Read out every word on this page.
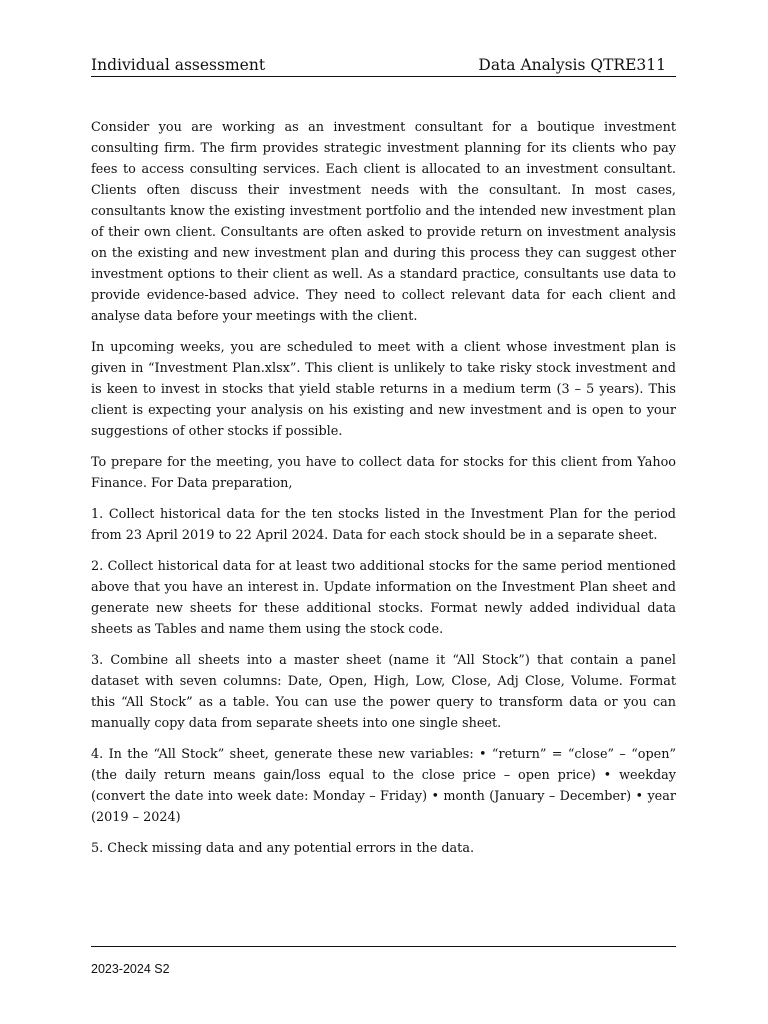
Individual assessment	Data Analysis QTRE311

Consider you are working as an investment consultant for a boutique investment consulting firm. The firm provides strategic investment planning for its clients who pay fees to access consulting services. Each client is allocated to an investment consultant. Clients often discuss their investment needs with the consultant. In most cases, consultants know the existing investment portfolio and the intended new investment plan of their own client. Consultants are often asked to provide return on investment analysis on the existing and new investment plan and during this process they can suggest other investment options to their client as well. As a standard practice, consultants use data to provide evidence-based advice. They need to collect relevant data for each client and analyse data before your meetings with the client.

In upcoming weeks, you are scheduled to meet with a client whose investment plan is given in “Investment Plan.xlsx”. This client is unlikely to take risky stock investment and is keen to invest in stocks that yield stable returns in a medium term (3 – 5 years). This client is expecting your analysis on his existing and new investment and is open to your suggestions of other stocks if possible.

To prepare for the meeting, you have to collect data for stocks for this client from Yahoo Finance. For Data preparation,

1. Collect historical data for the ten stocks listed in the Investment Plan for the period from 23 April 2019 to 22 April 2024. Data for each stock should be in a separate sheet.

2. Collect historical data for at least two additional stocks for the same period mentioned above that you have an interest in. Update information on the Investment Plan sheet and generate new sheets for these additional stocks. Format newly added individual data sheets as Tables and name them using the stock code.

3. Combine all sheets into a master sheet (name it “All Stock”) that contain a panel dataset with seven columns: Date, Open, High, Low, Close, Adj Close, Volume. Format this “All Stock” as a table. You can use the power query to transform data or you can manually copy data from separate sheets into one single sheet.

4. In the “All Stock” sheet, generate these new variables: • “return” = “close” – “open” (the daily return means gain/loss equal to the close price – open price) • weekday (convert the date into week date: Monday – Friday) • month (January – December) • year (2019 – 2024)

5. Check missing data and any potential errors in the data.

2023-2024 S2
